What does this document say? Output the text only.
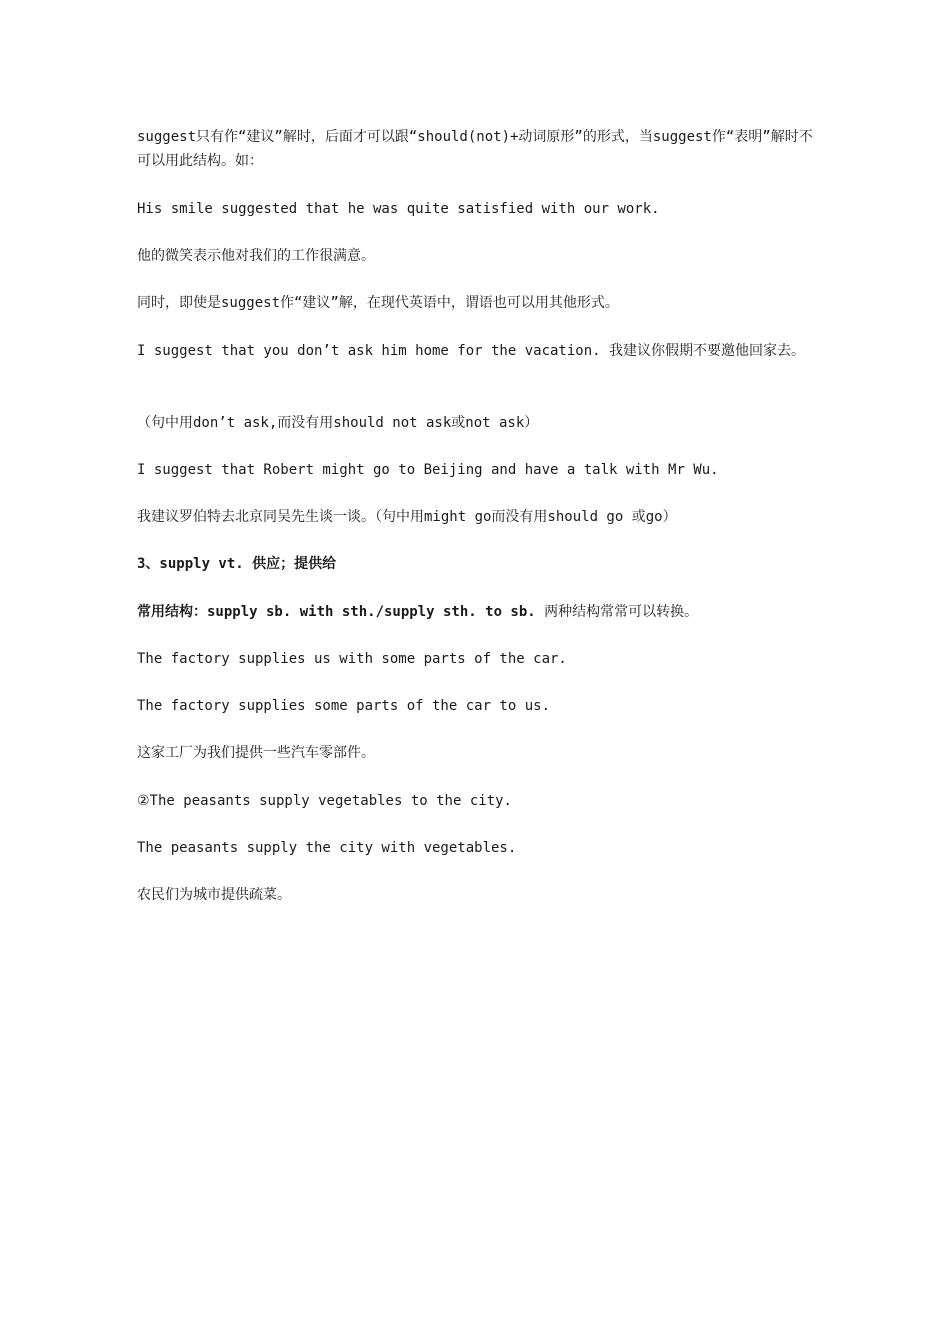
suggest只有作“建议”解时，后面才可以跟“should(not)+动词原形”的形式，当suggest作“表明”解时不可以用此结构。如：
His smile suggested that he was quite satisfied with our work.
他的微笑表示他对我们的工作很满意。
同时，即使是suggest作“建议”解，在现代英语中，谓语也可以用其他形式。
I suggest that you don’t ask him home for the vacation. 我建议你假期不要邀他回家去。
（句中用don’t ask,而没有用should not ask或not ask）
I suggest that Robert might go to Beijing and have a talk with Mr Wu.
我建议罗伯特去北京同吴先生谈一谈。（句中用might go而没有用should go 或go）
3、supply vt. 供应；提供给
常用结构：supply sb. with sth./supply sth. to sb. 两种结构常常可以转换。
The factory supplies us with some parts of the car.
The factory supplies some parts of the car to us.
这家工厂为我们提供一些汽车零部件。
②The peasants supply vegetables to the city.
The peasants supply the city with vegetables.
农民们为城市提供疏菜。
